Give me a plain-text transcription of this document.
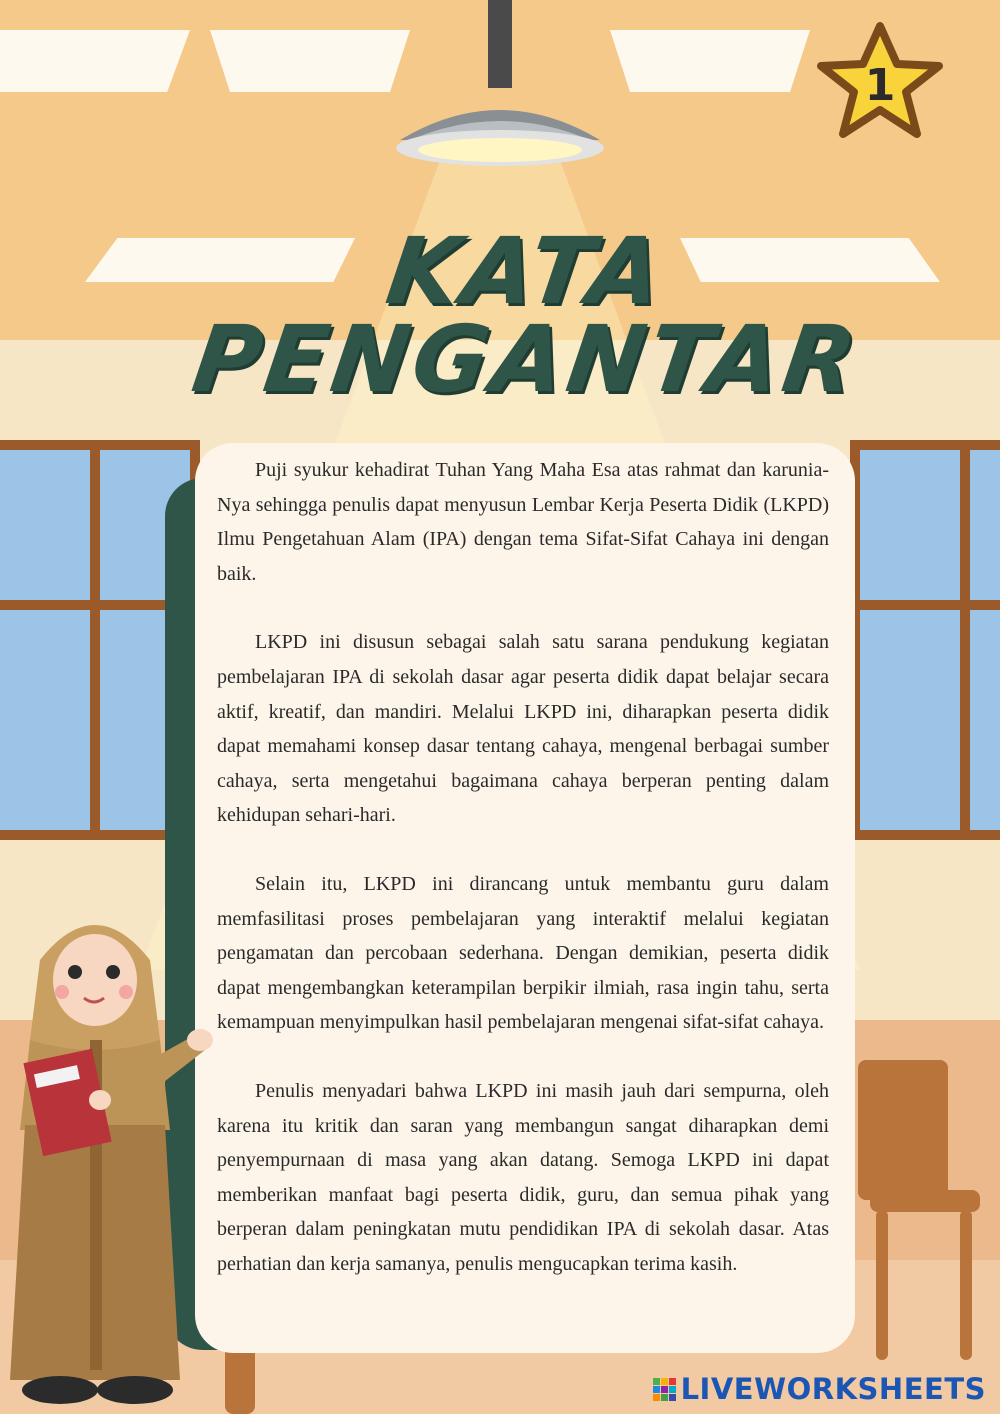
1
KATA
PENGANTAR

Puji syukur kehadirat Tuhan Yang Maha Esa atas rahmat dan karunia-Nya sehingga penulis dapat menyusun Lembar Kerja Peserta Didik (LKPD) Ilmu Pengetahuan Alam (IPA) dengan tema Sifat-Sifat Cahaya ini dengan baik.

LKPD ini disusun sebagai salah satu sarana pendukung kegiatan pembelajaran IPA di sekolah dasar agar peserta didik dapat belajar secara aktif, kreatif, dan mandiri. Melalui LKPD ini, diharapkan peserta didik dapat memahami konsep dasar tentang cahaya, mengenal berbagai sumber cahaya, serta mengetahui bagaimana cahaya berperan penting dalam kehidupan sehari-hari.

Selain itu, LKPD ini dirancang untuk membantu guru dalam memfasilitasi proses pembelajaran yang interaktif melalui kegiatan pengamatan dan percobaan sederhana. Dengan demikian, peserta didik dapat mengembangkan keterampilan berpikir ilmiah, rasa ingin tahu, serta kemampuan menyimpulkan hasil pembelajaran mengenai sifat-sifat cahaya.

Penulis menyadari bahwa LKPD ini masih jauh dari sempurna, oleh karena itu kritik dan saran yang membangun sangat diharapkan demi penyempurnaan di masa yang akan datang. Semoga LKPD ini dapat memberikan manfaat bagi peserta didik, guru, dan semua pihak yang berperan dalam peningkatan mutu pendidikan IPA di sekolah dasar. Atas perhatian dan kerja samanya, penulis mengucapkan terima kasih.

LIVEWORKSHEETS
